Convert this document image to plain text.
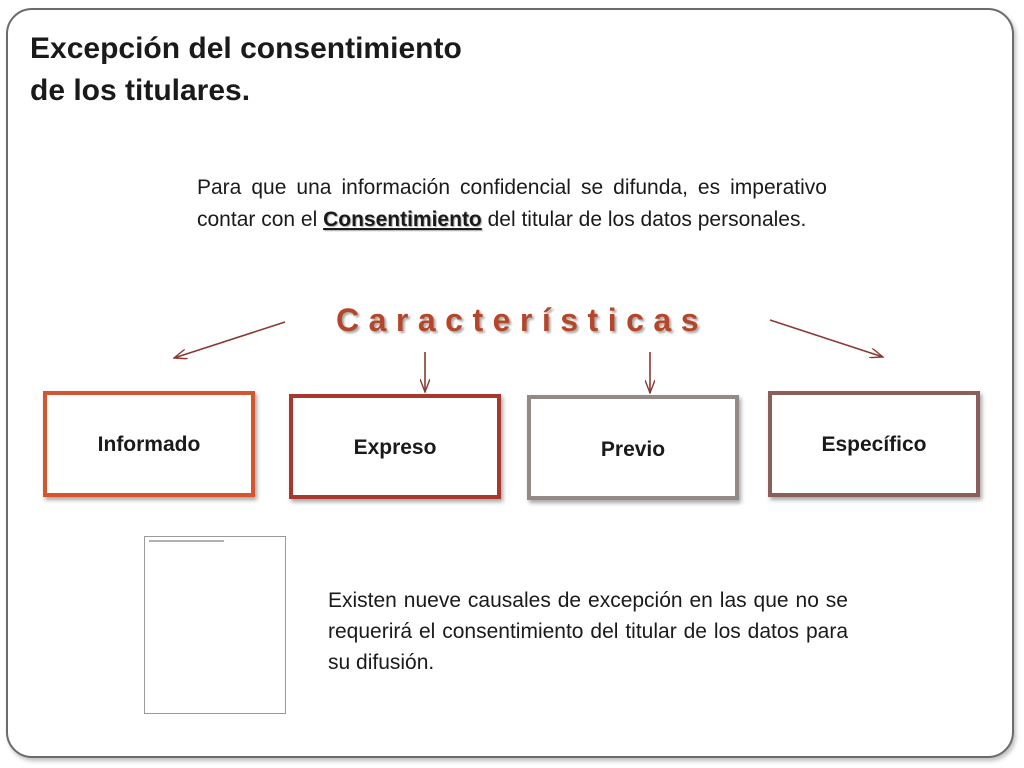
Excepción del consentimiento
de los titulares.

Para que una información confidencial se difunda, es imperativo contar con el Consentimiento del titular de los datos personales.

Características
Informado	Expreso	Previo	Específico

Existen nueve causales de excepción en las que no se requerirá el consentimiento del titular de los datos para su difusión.
